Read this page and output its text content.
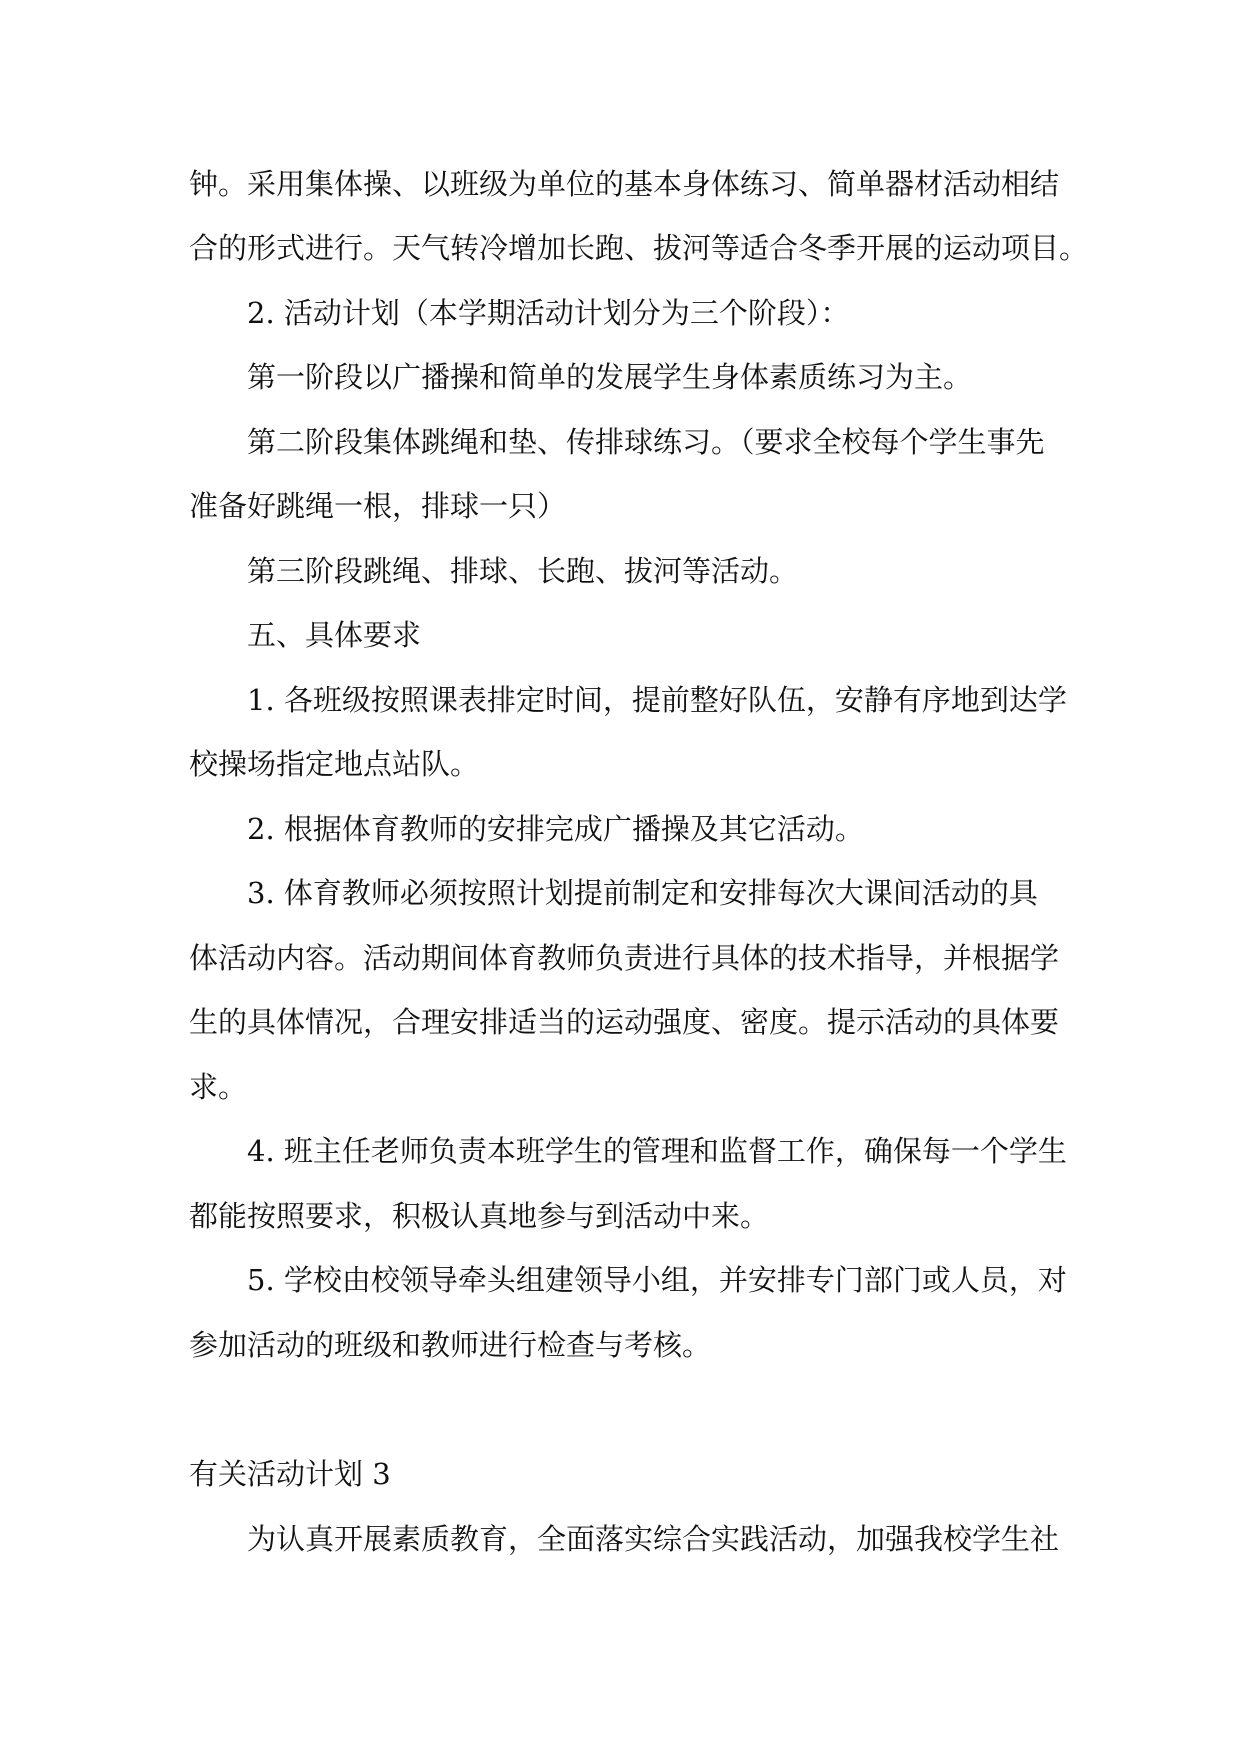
钟。采用集体操、以班级为单位的基本身体练习、简单器材活动相结
合的形式进行。天气转冷增加长跑、拔河等适合冬季开展的运动项目。
2. 活动计划（本学期活动计划分为三个阶段）：
第一阶段以广播操和简单的发展学生身体素质练习为主。
第二阶段集体跳绳和垫、传排球练习。（要求全校每个学生事先
准备好跳绳一根，排球一只）
第三阶段跳绳、排球、长跑、拔河等活动。
五、具体要求
1. 各班级按照课表排定时间，提前整好队伍，安静有序地到达学
校操场指定地点站队。
2. 根据体育教师的安排完成广播操及其它活动。
3. 体育教师必须按照计划提前制定和安排每次大课间活动的具
体活动内容。活动期间体育教师负责进行具体的技术指导，并根据学
生的具体情况，合理安排适当的运动强度、密度。提示活动的具体要
求。
4. 班主任老师负责本班学生的管理和监督工作，确保每一个学生
都能按照要求，积极认真地参与到活动中来。
5. 学校由校领导牵头组建领导小组，并安排专门部门或人员，对
参加活动的班级和教师进行检查与考核。
有关活动计划 3
为认真开展素质教育，全面落实综合实践活动，加强我校学生社
